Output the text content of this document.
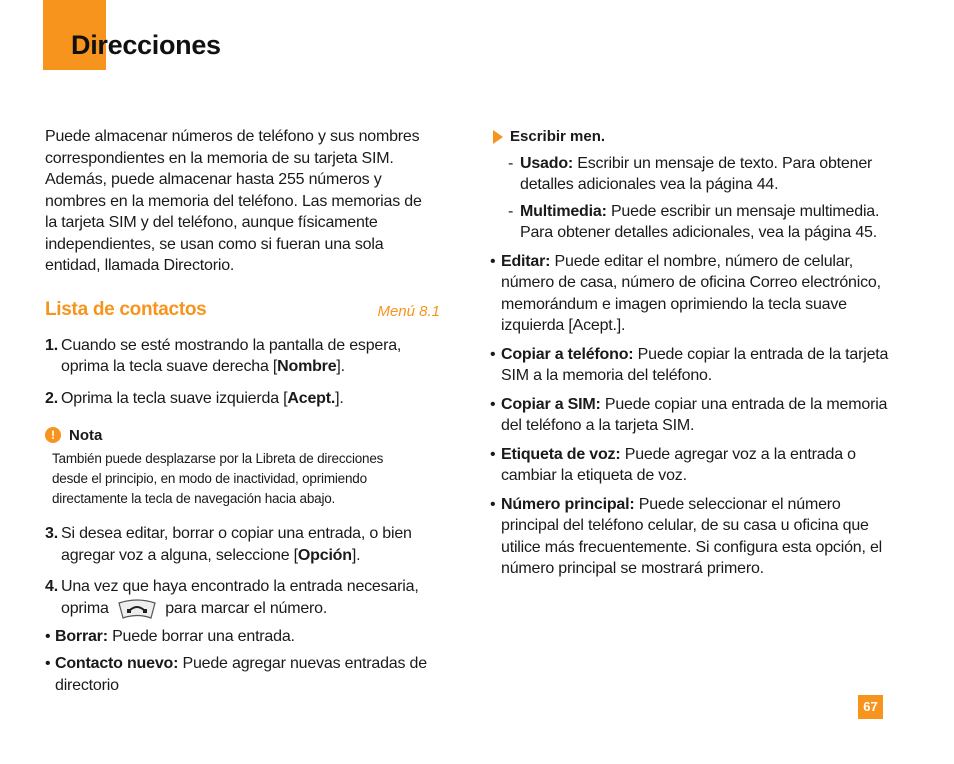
Direcciones

Puede almacenar números de teléfono y sus nombres
correspondientes en la memoria de su tarjeta SIM.
Además, puede almacenar hasta 255 números y
nombres en la memoria del teléfono. Las memorias de
la tarjeta SIM y del teléfono, aunque físicamente
independientes, se usan como si fueran una sola
entidad, llamada Directorio.

Lista de contactos	Menú 8.1
1. Cuando se esté mostrando la pantalla de espera, oprima la tecla suave derecha [Nombre].
2. Oprima la tecla suave izquierda [Acept.].
! Nota

También puede desplazarse por la Libreta de direcciones
desde el principio, en modo de inactividad, oprimiendo
directamente la tecla de navegación hacia abajo.

3. Si desea editar, borrar o copiar una entrada, o bien agregar voz a alguna, seleccione [Opción].
4. Una vez que haya encontrado la entrada necesaria, oprima	para marcar el número.
• Borrar: Puede borrar una entrada.
• Contacto nuevo: Puede agregar nuevas entradas de directorio
Escribir men.
- Usado: Escribir un mensaje de texto. Para obtener detalles adicionales vea la página 44.
- Multimedia: Puede escribir un mensaje multimedia. Para obtener detalles adicionales, vea la página 45.
• Editar: Puede editar el nombre, número de celular, número de casa, número de oficina Correo electrónico, memorándum e imagen oprimiendo la tecla suave izquierda [Acept.].
• Copiar a teléfono: Puede copiar la entrada de la tarjeta SIM a la memoria del teléfono.
• Copiar a SIM: Puede copiar una entrada de la memoria del teléfono a la tarjeta SIM.
• Etiqueta de voz: Puede agregar voz a la entrada o cambiar la etiqueta de voz.
• Número principal: Puede seleccionar el número principal del teléfono celular, de su casa u oficina que utilice más frecuentemente. Si configura esta opción, el número principal se mostrará primero.
67
